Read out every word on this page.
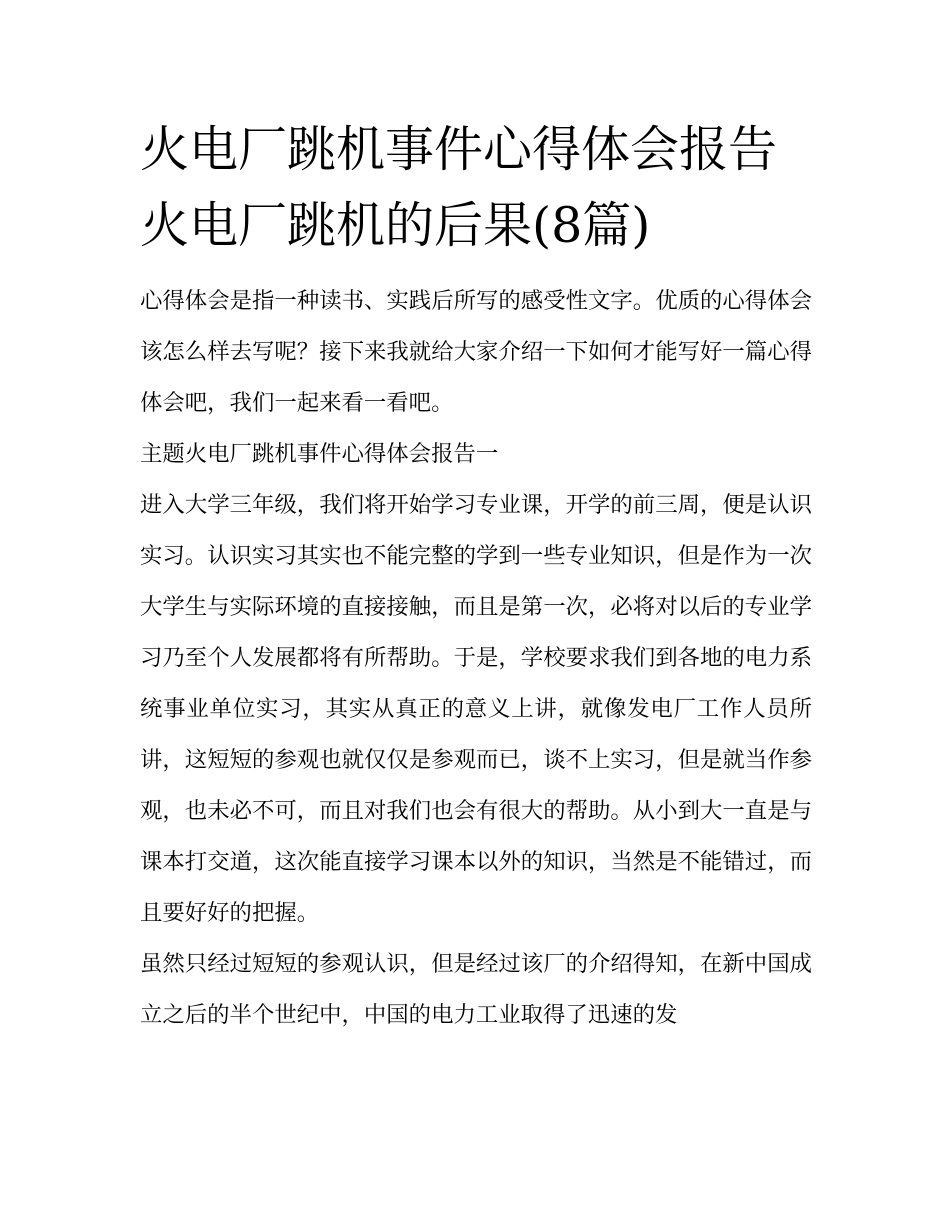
火电厂跳机事件心得体会报告
火电厂跳机的后果(8篇)

心得体会是指一种读书、实践后所写的感受性文字。优质的心得体会该怎么样去写呢？接下来我就给大家介绍一下如何才能写好一篇心得体会吧，我们一起来看一看吧。

主题火电厂跳机事件心得体会报告一

进入大学三年级，我们将开始学习专业课，开学的前三周，便是认识实习。认识实习其实也不能完整的学到一些专业知识，但是作为一次大学生与实际环境的直接接触，而且是第一次，必将对以后的专业学习乃至个人发展都将有所帮助。于是，学校要求我们到各地的电力系统事业单位实习，其实从真正的意义上讲，就像发电厂工作人员所讲，这短短的参观也就仅仅是参观而已，谈不上实习，但是就当作参观，也未必不可，而且对我们也会有很大的帮助。从小到大一直是与课本打交道，这次能直接学习课本以外的知识，当然是不能错过，而且要好好的把握。

虽然只经过短短的参观认识，但是经过该厂的介绍得知，在新中国成立之后的半个世纪中，中国的电力工业取得了迅速的发
